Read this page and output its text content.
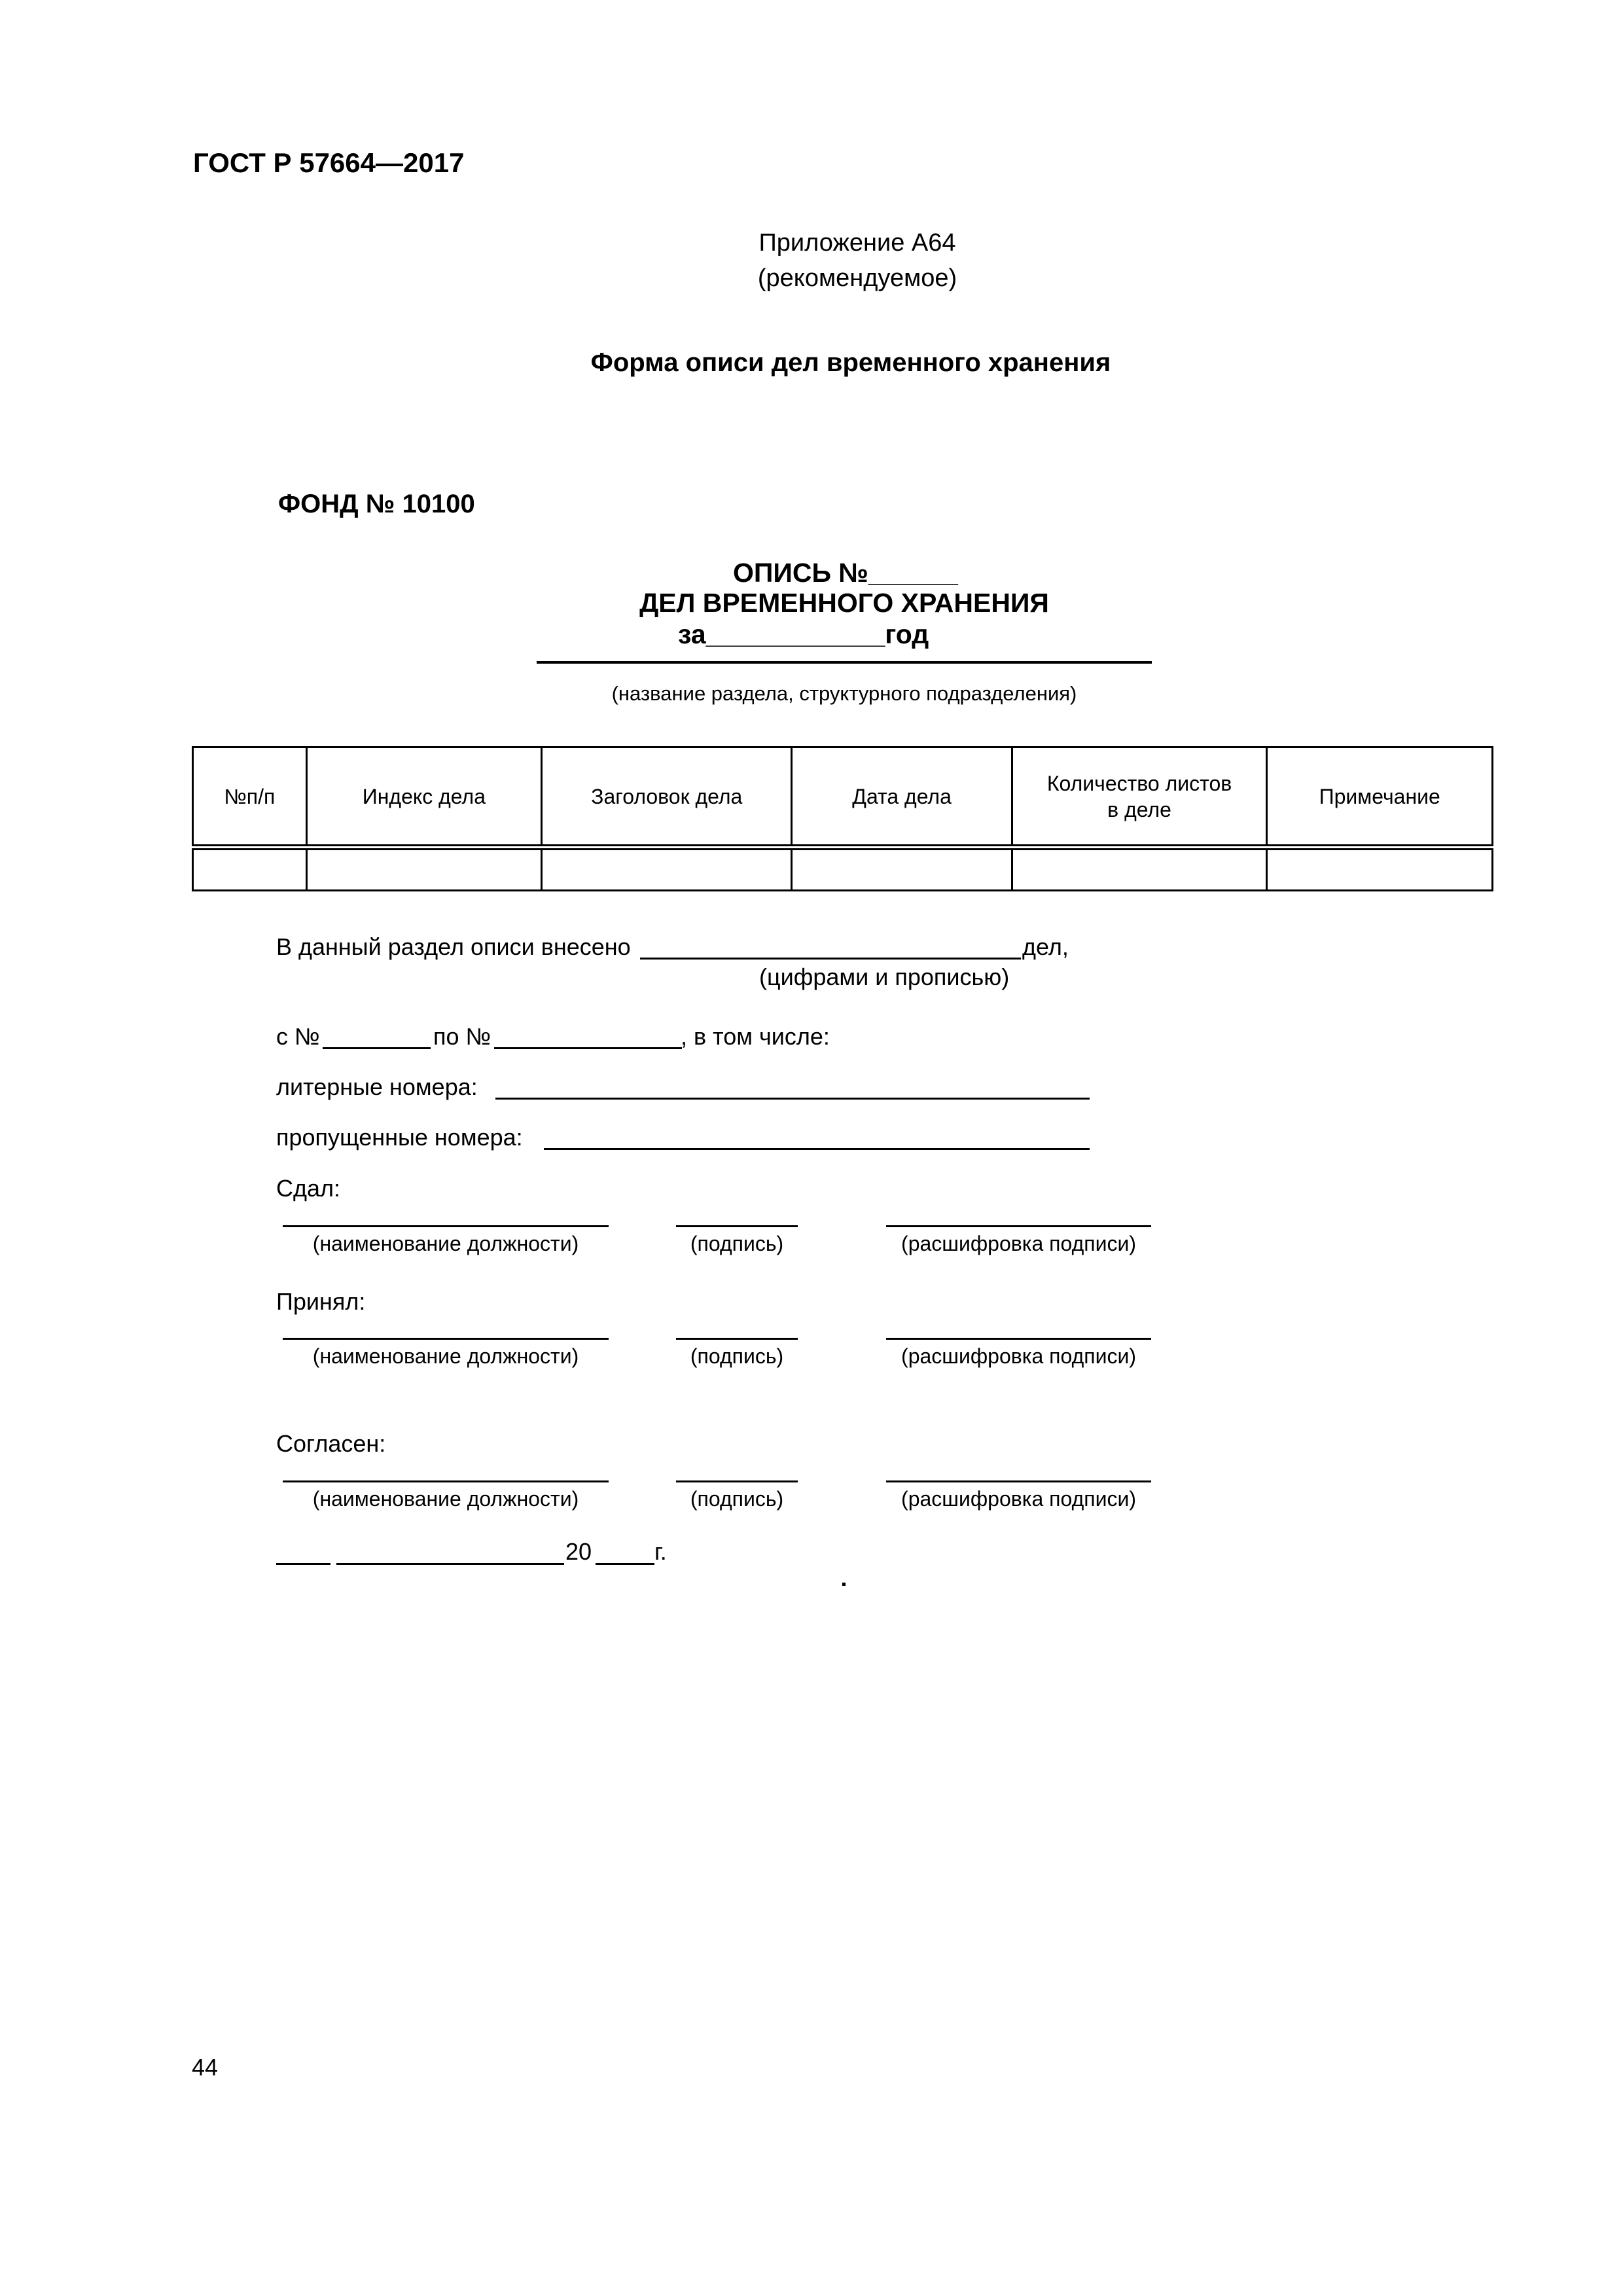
ГОСТ Р 57664—2017
Приложение А64
(рекомендуемое)
Форма описи дел временного хранения
ФОНД № 10100
ОПИСЬ №______
ДЕЛ ВРЕМЕННОГО ХРАНЕНИЯ
за____________год
(название раздела, структурного подразделения)
№п/п	Индекс дела	Заголовок дела	Дата дела	Количество листов в деле	Примечание

В данный раздел описи внесено	дел,
(цифрами и прописью)
с №	по №	, в том числе:
литерные номера:
пропущенные номера:
Сдал:
(наименование должности)	(подпись)	(расшифровка подписи)
Принял:
(наименование должности)	(подпись)	(расшифровка подписи)
Согласен:
(наименование должности)	(подпись)	(расшифровка подписи)
20	г.
44
